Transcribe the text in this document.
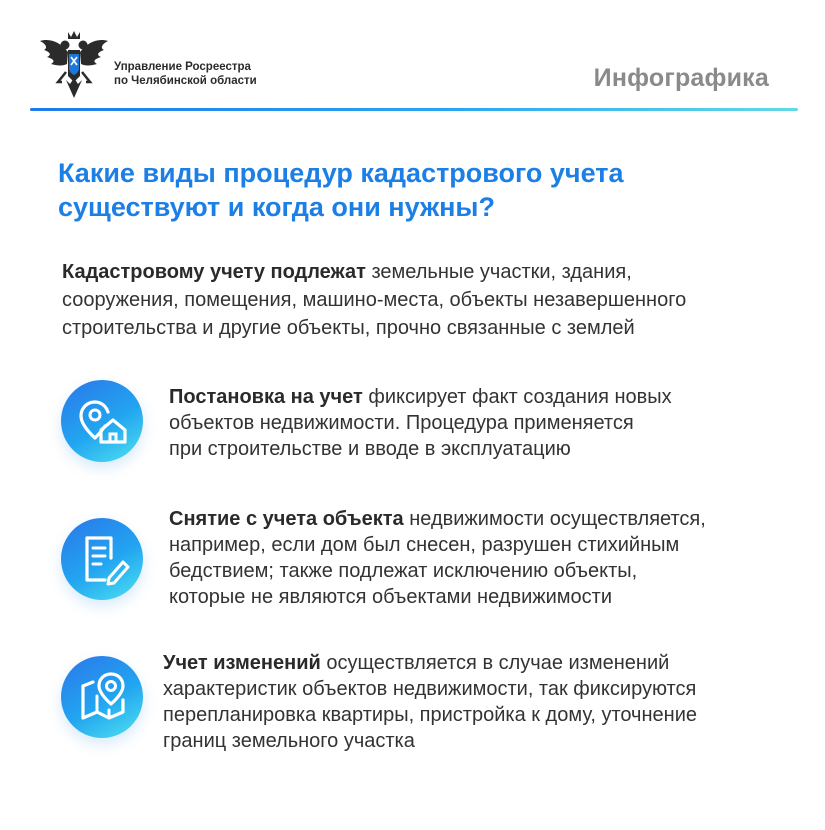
Управление Росреестра
по Челябинской области	Инфографика
Какие виды процедур кадастрового учета
существуют и когда они нужны?
Кадастровому учету подлежат земельные участки, здания,
сооружения, помещения, машино-места, объекты незавершенного
строительства и другие объекты, прочно связанные с землей
Постановка на учет фиксирует факт создания новых
объектов недвижимости. Процедура применяется
при строительстве и вводе в эксплуатацию
Снятие с учета объекта недвижимости осуществляется,
например, если дом был снесен, разрушен стихийным
бедствием; также подлежат исключению объекты,
которые не являются объектами недвижимости
Учет изменений осуществляется в случае изменений
характеристик объектов недвижимости, так фиксируются
перепланировка квартиры, пристройка к дому, уточнение
границ земельного участка
